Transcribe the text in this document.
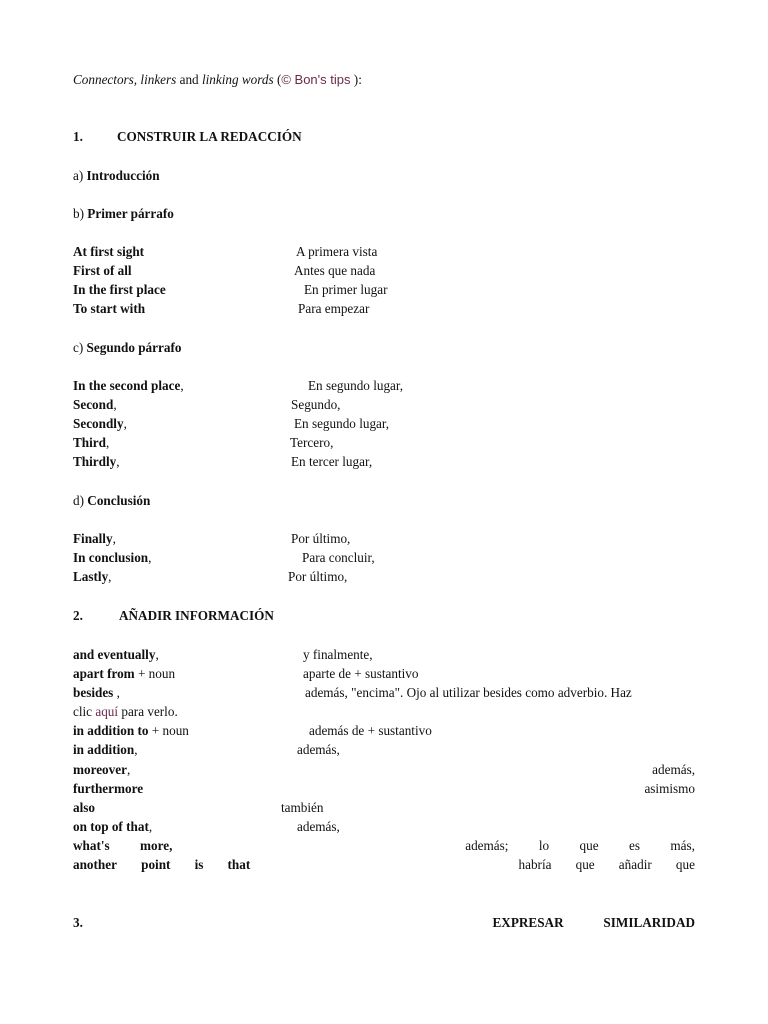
Connectors, linkers and linking words (© Bon's tips ):
1.	CONSTRUIR LA REDACCIÓN
a) Introducción
b) Primer párrafo
At first sight	A primera vista
First of all	Antes que nada
In the first place	En primer lugar
To start with	Para empezar
c) Segundo párrafo
In the second place,	En segundo lugar,
Second,	Segundo,
Secondly,	En segundo lugar,
Third,	Tercero,
Thirdly,	En tercer lugar,
d) Conclusión
Finally,	Por último,
In conclusion,	Para concluir,
Lastly,	Por último,
2.	AÑADIR INFORMACIÓN
and eventually,	y finalmente,
apart from + noun	aparte de + sustantivo
besides ,	además, "encima". Ojo al utilizar besides como adverbio. Haz
clic aquí para verlo.
in addition to + noun	además de + sustantivo
in addition,	además,
moreover,	además,
furthermore	asimismo
also	también
on top of that,	además,
what's more,	además; lo que es más,
another point is that	habría que añadir que
3.	EXPRESAR	SIMILARIDAD
